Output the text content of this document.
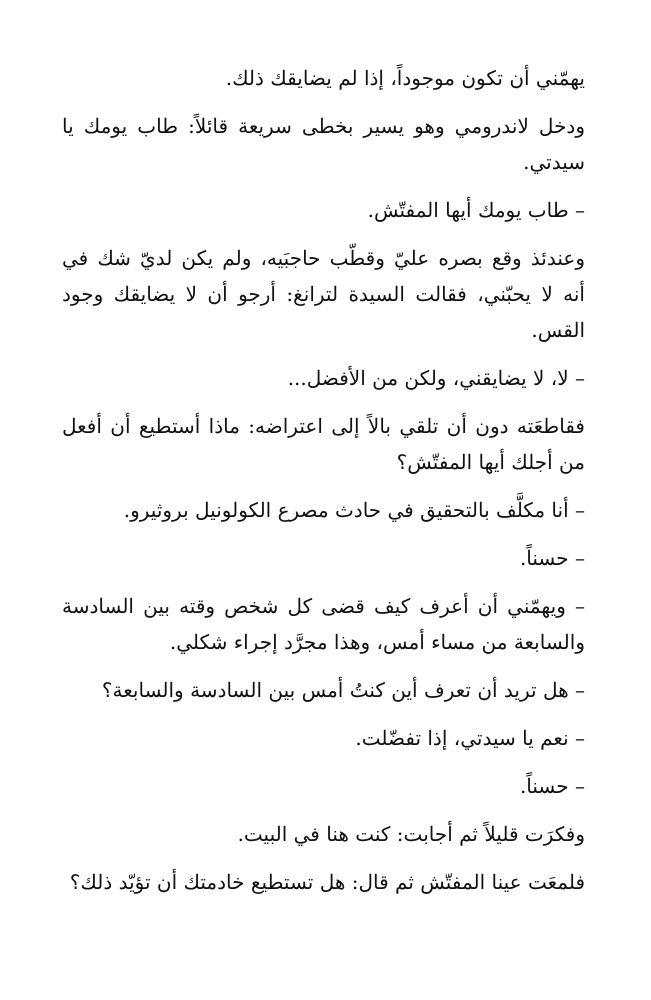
يهمّني أن تكون موجوداً، إذا لم يضايقك ذلك.

ودخل لاندرومي وهو يسير بخطى سريعة قائلاً: طاب يومك يا سيدتي.

– طاب يومك أيها المفتّش.

وعندئذ وقع بصره عليّ وقطّب حاجبَيه، ولم يكن لديّ شك في أنه لا يحبّني، فقالت السيدة لترانغ: أرجو أن لا يضايقك وجود القس.

– لا، لا يضايقني، ولكن من الأفضل...

فقاطعَته دون أن تلقي بالاً إلى اعتراضه: ماذا أستطيع أن أفعل من أجلك أيها المفتّش؟

– أنا مكلَّف بالتحقيق في حادث مصرع الكولونيل بروثيرو.

– حسناً.

– ويهمّني أن أعرف كيف قضى كل شخص وقته بين السادسة والسابعة من مساء أمس، وهذا مجرَّد إجراء شكلي.

– هل تريد أن تعرف أين كنتُ أمس بين السادسة والسابعة؟

– نعم يا سيدتي، إذا تفضّلت.

– حسناً.

وفكرَت قليلاً ثم أجابت: كنت هنا في البيت.

فلمعَت عينا المفتّش ثم قال: هل تستطيع خادمتك أن تؤيّد ذلك؟
